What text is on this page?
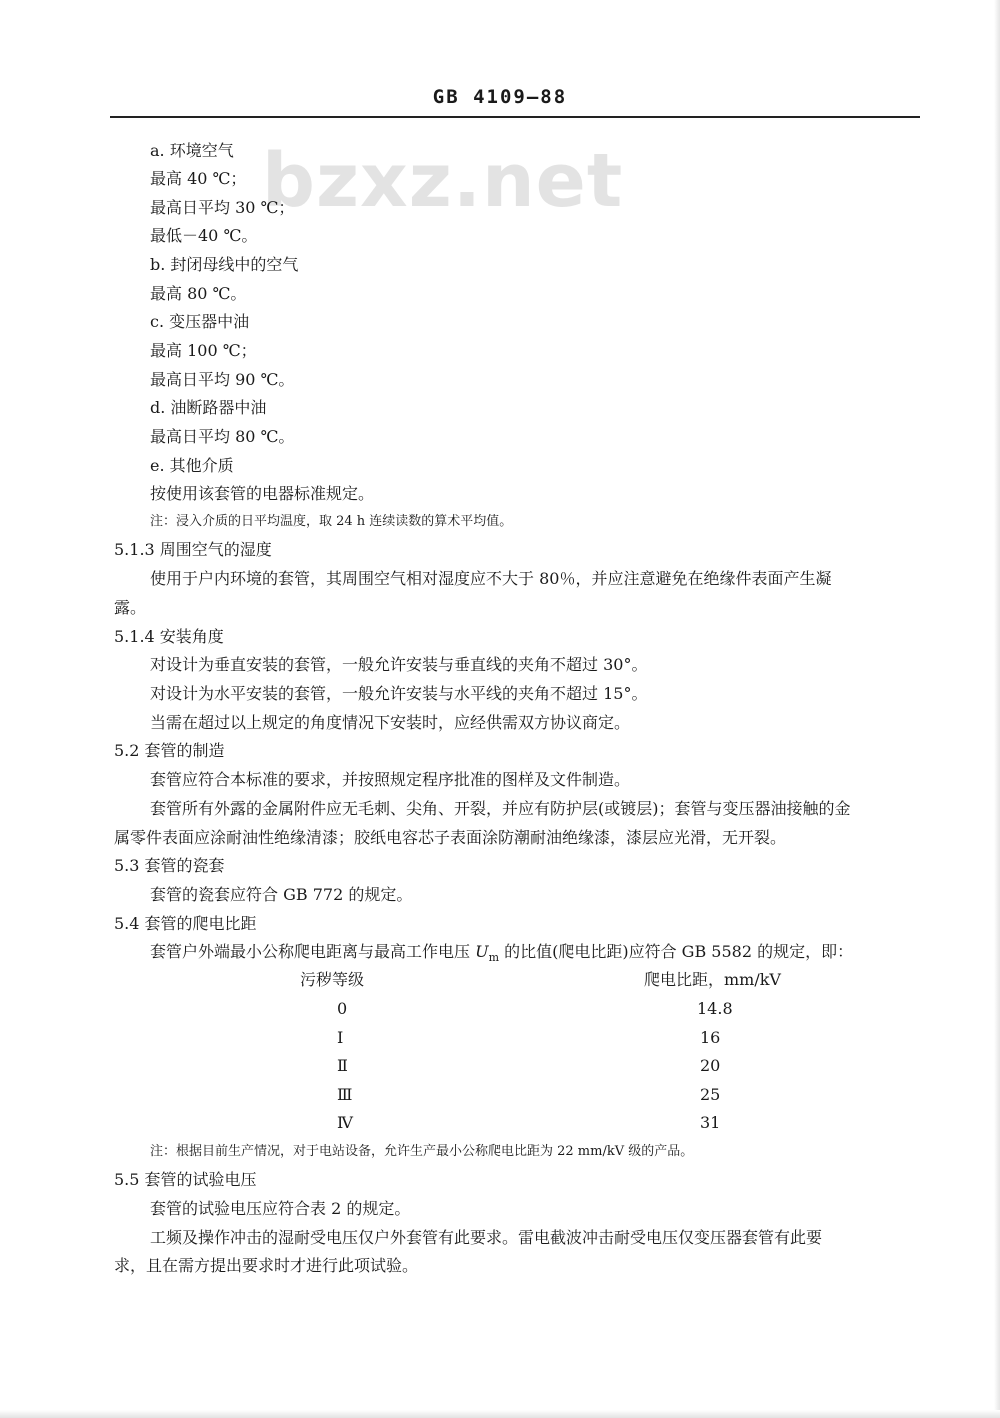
GB 4109—88
bzxz.net
a. 环境空气
最高 40 ℃；
最高日平均 30 ℃；
最低－40 ℃。
b. 封闭母线中的空气
最高 80 ℃。
c. 变压器中油
最高 100 ℃；
最高日平均 90 ℃。
d. 油断路器中油
最高日平均 80 ℃。
e. 其他介质
按使用该套管的电器标准规定。
注：浸入介质的日平均温度，取 24 h 连续读数的算术平均值。
5.1.3 周围空气的湿度
使用于户内环境的套管，其周围空气相对湿度应不大于 80％，并应注意避免在绝缘件表面产生凝
露。
5.1.4 安装角度
对设计为垂直安装的套管，一般允许安装与垂直线的夹角不超过 30°。
对设计为水平安装的套管，一般允许安装与水平线的夹角不超过 15°。
当需在超过以上规定的角度情况下安装时，应经供需双方协议商定。
5.2 套管的制造
套管应符合本标准的要求，并按照规定程序批准的图样及文件制造。
套管所有外露的金属附件应无毛刺、尖角、开裂，并应有防护层(或镀层)；套管与变压器油接触的金
属零件表面应涂耐油性绝缘清漆；胶纸电容芯子表面涂防潮耐油绝缘漆，漆层应光滑，无开裂。
5.3 套管的瓷套
套管的瓷套应符合 GB 772 的规定。
5.4 套管的爬电比距
套管户外端最小公称爬电距离与最高工作电压 $U_m$ 的比值(爬电比距)应符合 GB 5582 的规定，即：
污秽等级	爬电比距，mm/kV
0	14.8
Ⅰ	16
Ⅱ	20
Ⅲ	25
Ⅳ	31
注：根据目前生产情况，对于电站设备，允许生产最小公称爬电比距为 22 mm/kV 级的产品。
5.5 套管的试验电压
套管的试验电压应符合表 2 的规定。
工频及操作冲击的湿耐受电压仅户外套管有此要求。雷电截波冲击耐受电压仅变压器套管有此要
求，且在需方提出要求时才进行此项试验。
